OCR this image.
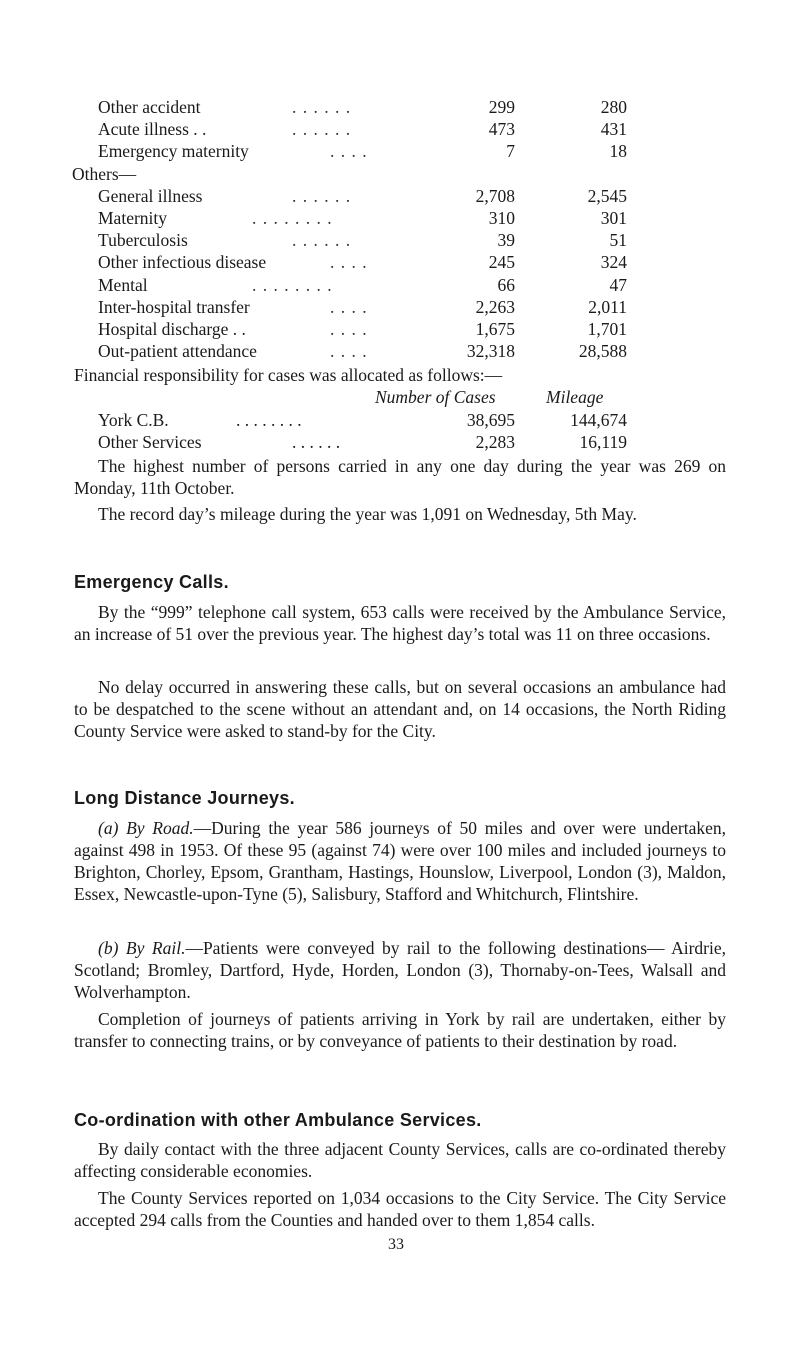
Other accident	. . . . . .	299	280
Acute illness . .	. . . . . .	473	431
Emergency maternity	. . . .	7	18
Others—
General illness	. . . . . .	2,708	2,545
Maternity	. . . . . . . .	310	301
Tuberculosis	. . . . . .	39	51
Other infectious disease	. . . .	245	324
Mental	. . . . . . . .	66	47
Inter-hospital transfer	. . . .	2,263	2,011
Hospital discharge . .	. . . .	1,675	1,701
Out-patient attendance	. . . .	32,318	28,588
Financial responsibility for cases was allocated as follows:—
Number of Cases	Mileage
York C.B.	. . . . . . . .	38,695	144,674
Other Services	. . . . . .	2,283	16,119
The highest number of persons carried in any one day during the year was 269 on Monday, 11th October.
The record day’s mileage during the year was 1,091 on Wednesday, 5th May.
Emergency Calls.
By the “999” telephone call system, 653 calls were received by the Ambulance Service, an increase of 51 over the previous year. The highest day’s total was 11 on three occasions.
No delay occurred in answering these calls, but on several occasions an ambulance had to be despatched to the scene without an attendant and, on 14 occasions, the North Riding County Service were asked to stand-by for the City.
Long Distance Journeys.
(a) By Road.—During the year 586 journeys of 50 miles and over were undertaken, against 498 in 1953. Of these 95 (against 74) were over 100 miles and included journeys to Brighton, Chorley, Epsom, Grantham, Hastings, Hounslow, Liverpool, London (3), Maldon, Essex, Newcastle-upon-Tyne (5), Salisbury, Stafford and Whitchurch, Flintshire.
(b) By Rail.—Patients were conveyed by rail to the following destinations— Airdrie, Scotland; Bromley, Dartford, Hyde, Horden, London (3), Thornaby-on-Tees, Walsall and Wolverhampton.
Completion of journeys of patients arriving in York by rail are undertaken, either by transfer to connecting trains, or by conveyance of patients to their destination by road.
Co-ordination with other Ambulance Services.
By daily contact with the three adjacent County Services, calls are co-ordinated thereby affecting considerable economies.
The County Services reported on 1,034 occasions to the City Service. The City Service accepted 294 calls from the Counties and handed over to them 1,854 calls.
33
